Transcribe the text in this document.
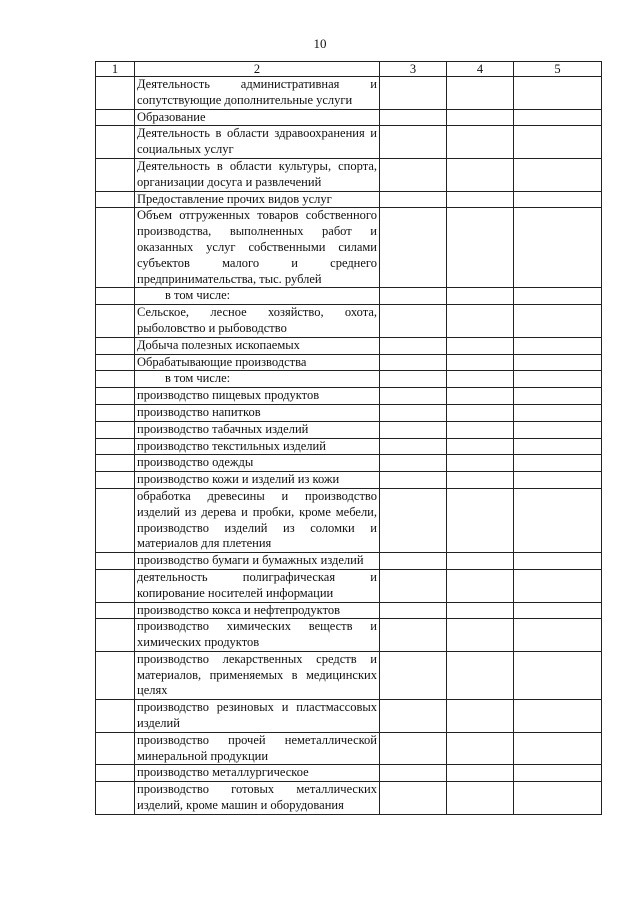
10
1	2	3	4	5
	Деятельность административная и сопутствующие дополнительные услуги			
	Образование			
	Деятельность в области здравоохранения и социальных услуг			
	Деятельность в области культуры, спорта, организации досуга и развлечений			
	Предоставление прочих видов услуг			
	Объем отгруженных товаров собственного производства, выполненных работ и оказанных услуг собственными силами субъектов малого и среднего предпринимательства, тыс. рублей			
	в том числе:			
	Сельское, лесное хозяйство, охота, рыболовство и рыбоводство			
	Добыча полезных ископаемых			
	Обрабатывающие производства			
	в том числе:			
	производство пищевых продуктов			
	производство напитков			
	производство табачных изделий			
	производство текстильных изделий			
	производство одежды			
	производство кожи и изделий из кожи			
	обработка древесины и производство изделий из дерева и пробки, кроме мебели, производство изделий из соломки и материалов для плетения			
	производство бумаги и бумажных изделий			
	деятельность полиграфическая и копирование носителей информации			
	производство кокса и нефтепродуктов			
	производство химических веществ и химических продуктов			
	производство лекарственных средств и материалов, применяемых в медицинских целях			
	производство резиновых и пластмассовых изделий			
	производство прочей неметаллической минеральной продукции			
	производство металлургическое			
	производство готовых металлических изделий, кроме машин и оборудования			
